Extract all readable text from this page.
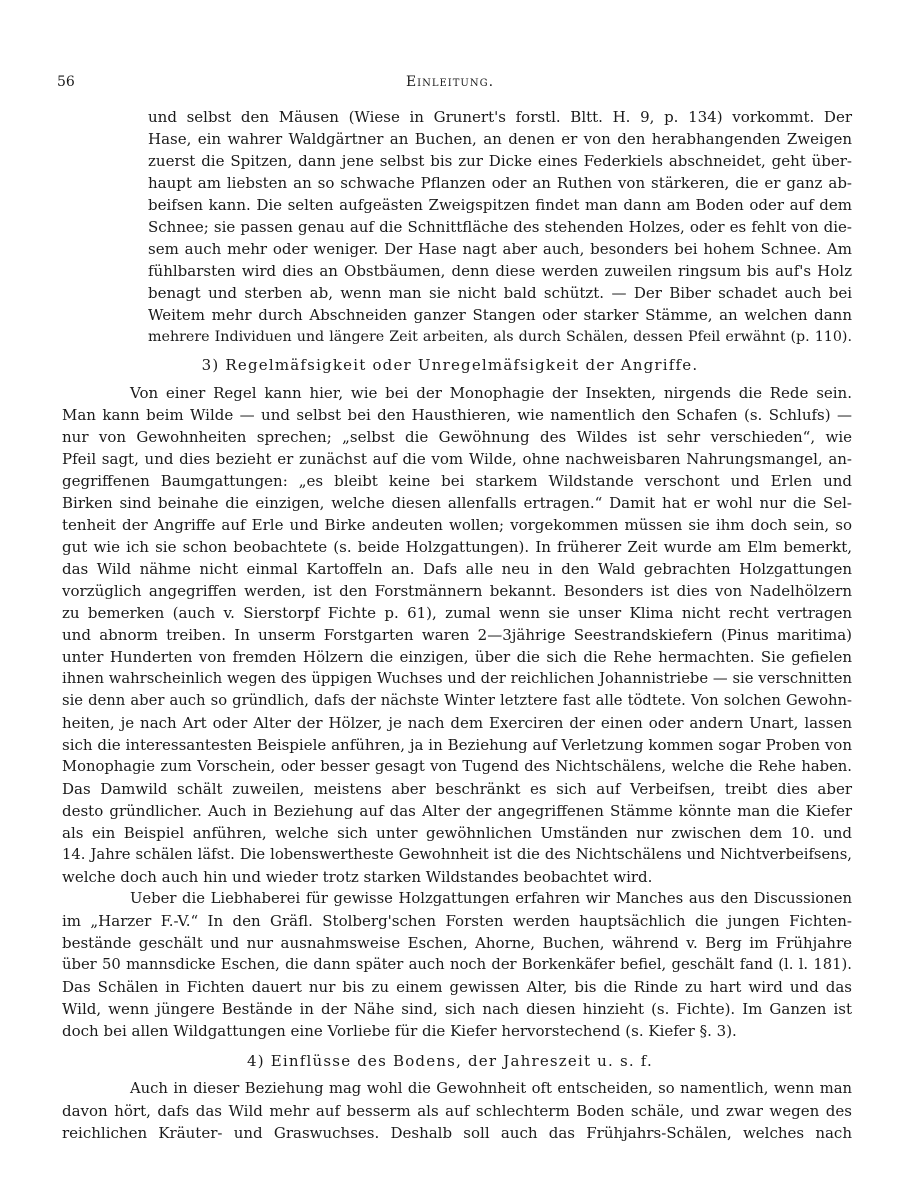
56	Einleitung.
und selbst den Mäusen (Wiese in Grunert's forstl. Bltt. H. 9, p. 134) vorkommt. Der
Hase, ein wahrer Waldgärtner an Buchen, an denen er von den herabhangenden Zweigen
zuerst die Spitzen, dann jene selbst bis zur Dicke eines Federkiels abschneidet, geht über-
haupt am liebsten an so schwache Pflanzen oder an Ruthen von stärkeren, die er ganz ab-
beifsen kann. Die selten aufgeästen Zweigspitzen findet man dann am Boden oder auf dem
Schnee; sie passen genau auf die Schnittfläche des stehenden Holzes, oder es fehlt von die-
sem auch mehr oder weniger. Der Hase nagt aber auch, besonders bei hohem Schnee. Am
fühlbarsten wird dies an Obstbäumen, denn diese werden zuweilen ringsum bis auf's Holz
benagt und sterben ab, wenn man sie nicht bald schützt. — Der Biber schadet auch bei
Weitem mehr durch Abschneiden ganzer Stangen oder starker Stämme, an welchen dann
mehrere Individuen und längere Zeit arbeiten, als durch Schälen, dessen Pfeil erwähnt (p. 110).
3) Regelmäfsigkeit oder Unregelmäfsigkeit der Angriffe.
Von einer Regel kann hier, wie bei der Monophagie der Insekten, nirgends die Rede sein.
Man kann beim Wilde — und selbst bei den Hausthieren, wie namentlich den Schafen (s. Schlufs) —
nur von Gewohnheiten sprechen; „selbst die Gewöhnung des Wildes ist sehr verschieden“, wie
Pfeil sagt, und dies bezieht er zunächst auf die vom Wilde, ohne nachweisbaren Nahrungsmangel, an-
gegriffenen Baumgattungen: „es bleibt keine bei starkem Wildstande verschont und Erlen und
Birken sind beinahe die einzigen, welche diesen allenfalls ertragen.“ Damit hat er wohl nur die Sel-
tenheit der Angriffe auf Erle und Birke andeuten wollen; vorgekommen müssen sie ihm doch sein, so
gut wie ich sie schon beobachtete (s. beide Holzgattungen). In früherer Zeit wurde am Elm bemerkt,
das Wild nähme nicht einmal Kartoffeln an. Dafs alle neu in den Wald gebrachten Holzgattungen
vorzüglich angegriffen werden, ist den Forstmännern bekannt. Besonders ist dies von Nadelhölzern
zu bemerken (auch v. Sierstorpf Fichte p. 61), zumal wenn sie unser Klima nicht recht vertragen
und abnorm treiben. In unserm Forstgarten waren 2—3jährige Seestrandskiefern (Pinus maritima)
unter Hunderten von fremden Hölzern die einzigen, über die sich die Rehe hermachten. Sie gefielen
ihnen wahrscheinlich wegen des üppigen Wuchses und der reichlichen Johannistriebe — sie verschnitten
sie denn aber auch so gründlich, dafs der nächste Winter letztere fast alle tödtete. Von solchen Gewohn-
heiten, je nach Art oder Alter der Hölzer, je nach dem Exerciren der einen oder andern Unart, lassen
sich die interessantesten Beispiele anführen, ja in Beziehung auf Verletzung kommen sogar Proben von
Monophagie zum Vorschein, oder besser gesagt von Tugend des Nichtschälens, welche die Rehe haben.
Das Damwild schält zuweilen, meistens aber beschränkt es sich auf Verbeifsen, treibt dies aber
desto gründlicher. Auch in Beziehung auf das Alter der angegriffenen Stämme könnte man die Kiefer
als ein Beispiel anführen, welche sich unter gewöhnlichen Umständen nur zwischen dem 10. und
14. Jahre schälen läfst. Die lobenswertheste Gewohnheit ist die des Nichtschälens und Nichtverbeifsens,
welche doch auch hin und wieder trotz starken Wildstandes beobachtet wird.
Ueber die Liebhaberei für gewisse Holzgattungen erfahren wir Manches aus den Discussionen
im „Harzer F.-V.“ In den Gräfl. Stolberg'schen Forsten werden hauptsächlich die jungen Fichten-
bestände geschält und nur ausnahmsweise Eschen, Ahorne, Buchen, während v. Berg im Frühjahre
über 50 mannsdicke Eschen, die dann später auch noch der Borkenkäfer befiel, geschält fand (l. l. 181).
Das Schälen in Fichten dauert nur bis zu einem gewissen Alter, bis die Rinde zu hart wird und das
Wild, wenn jüngere Bestände in der Nähe sind, sich nach diesen hinzieht (s. Fichte). Im Ganzen ist
doch bei allen Wildgattungen eine Vorliebe für die Kiefer hervorstechend (s. Kiefer §. 3).
4) Einflüsse des Bodens, der Jahreszeit u. s. f.
Auch in dieser Beziehung mag wohl die Gewohnheit oft entscheiden, so namentlich, wenn man
davon hört, dafs das Wild mehr auf besserm als auf schlechterm Boden schäle, und zwar wegen des
reichlichen Kräuter- und Graswuchses. Deshalb soll auch das Frühjahrs-Schälen, welches nach
